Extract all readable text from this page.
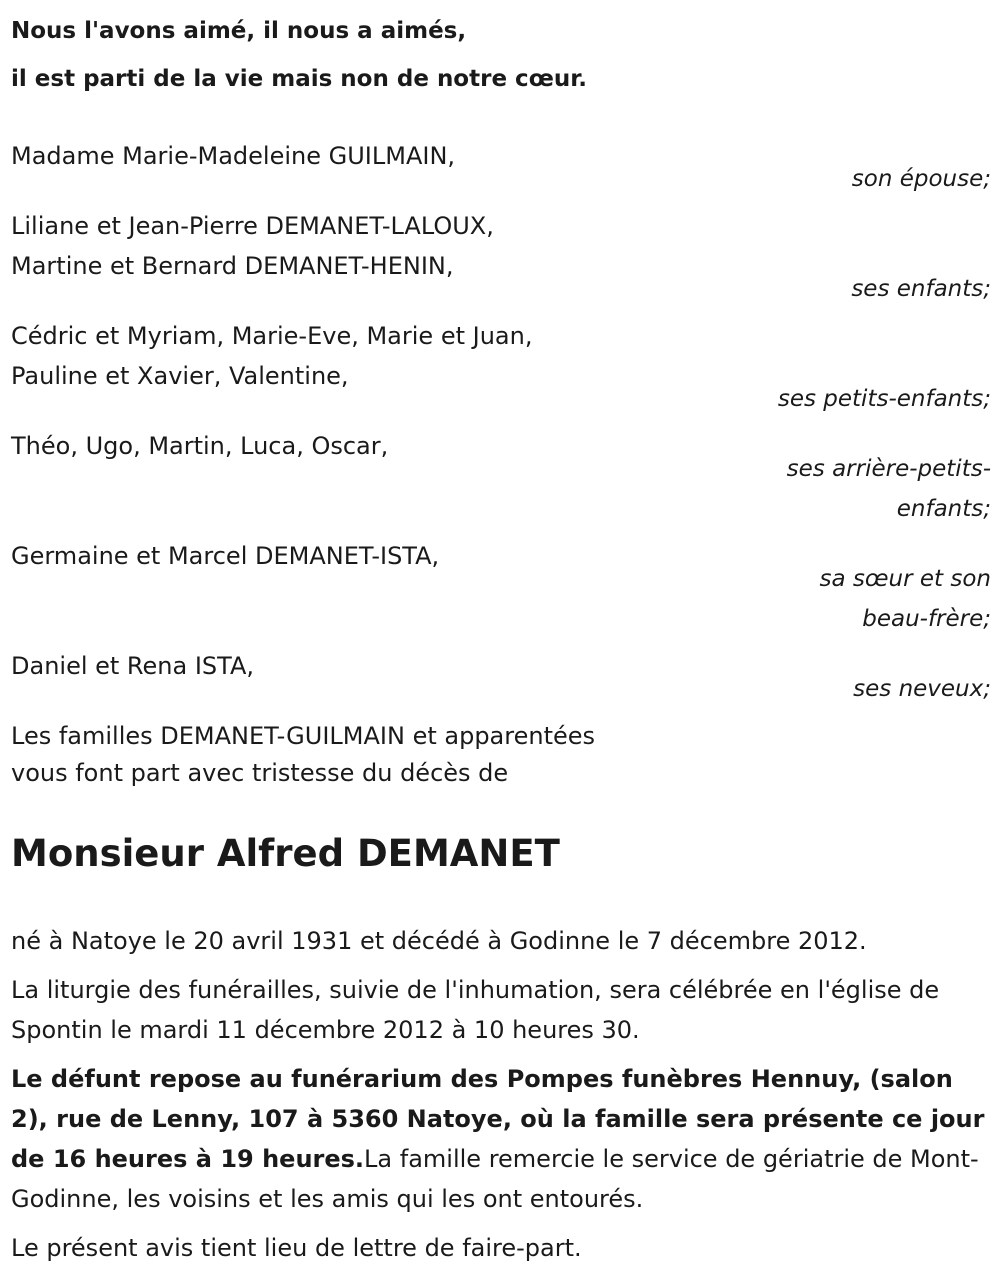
Nous l'avons aimé, il nous a aimés,

il est parti de la vie mais non de notre cœur.

Madame Marie-Madeleine GUILMAIN,

son épouse;

Liliane et Jean-Pierre DEMANET-LALOUX,

Martine et Bernard DEMANET-HENIN,

ses enfants;

Cédric et Myriam, Marie-Eve, Marie et Juan,

Pauline et Xavier, Valentine,

ses petits-enfants;

Théo, Ugo, Martin, Luca, Oscar,

ses arrière-petits-

enfants;

Germaine et Marcel DEMANET-ISTA,

sa sœur et son

beau-frère;

Daniel et Rena ISTA,

ses neveux;

Les familles DEMANET-GUILMAIN et apparentées

vous font part avec tristesse du décès de

Monsieur Alfred DEMANET

né à Natoye le 20 avril 1931 et décédé à Godinne le 7 décembre 2012.

La liturgie des funérailles, suivie de l'inhumation, sera célébrée en l'église de Spontin le mardi 11 décembre 2012 à 10 heures 30.

Le défunt repose au funérarium des Pompes funèbres Hennuy, (salon 2), rue de Lenny, 107 à 5360 Natoye, où la famille sera présente ce jour de 16 heures à 19 heures.La famille remercie le service de gériatrie de Mont-Godinne, les voisins et les amis qui les ont entourés.

Le présent avis tient lieu de lettre de faire-part.
